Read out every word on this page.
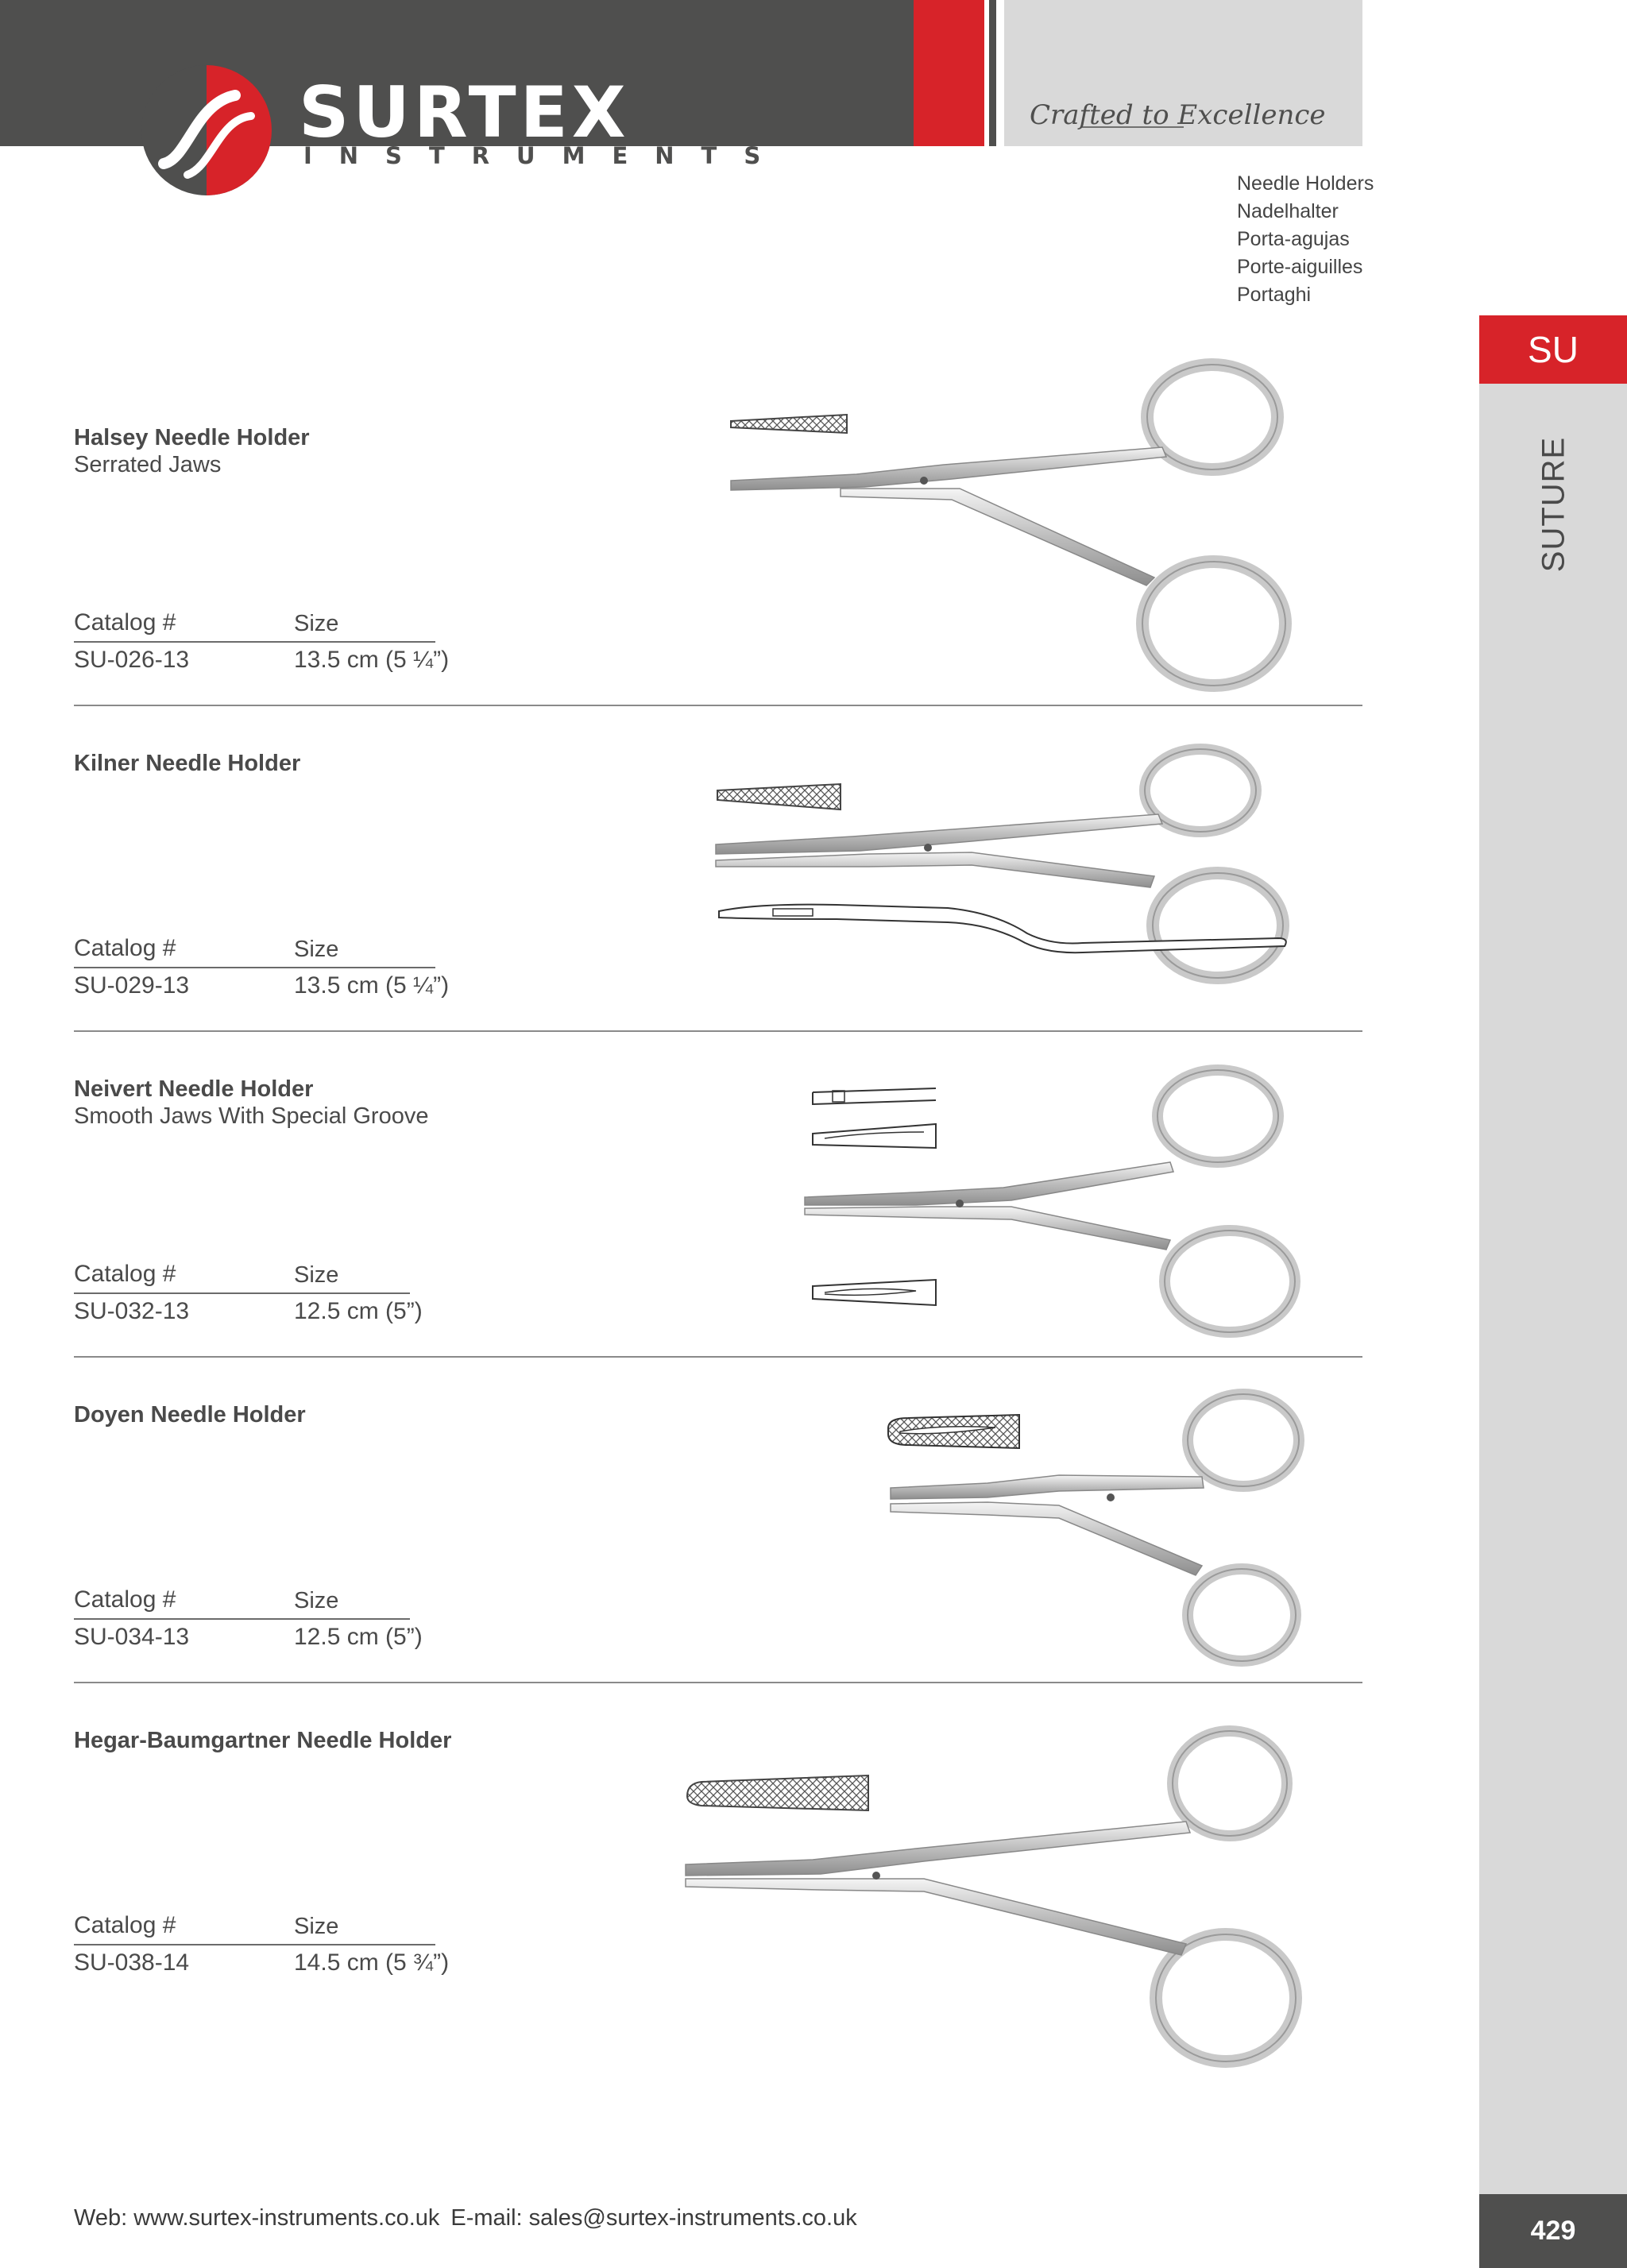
SURTEX
INSTRUMENTS
Crafted to Excellence
Needle Holders
Nadelhalter
Porta-agujas
Porte-aiguilles
Portaghi
SU
SUTURE
429
Halsey Needle Holder
Serrated Jaws
Catalog #	Size
SU-026-13	13.5 cm (5 ¼”)
Kilner Needle Holder
Catalog #	Size
SU-029-13	13.5 cm (5 ¼”)
Neivert Needle Holder
Smooth Jaws With Special Groove
Catalog #	Size
SU-032-13	12.5 cm (5”)
Doyen Needle Holder
Catalog #	Size
SU-034-13	12.5 cm (5”)
Hegar-Baumgartner Needle Holder
Catalog #	Size
SU-038-14	14.5 cm (5 ¾”)
Web: www.surtex-instruments.co.uk E-mail: sales@surtex-instruments.co.uk
